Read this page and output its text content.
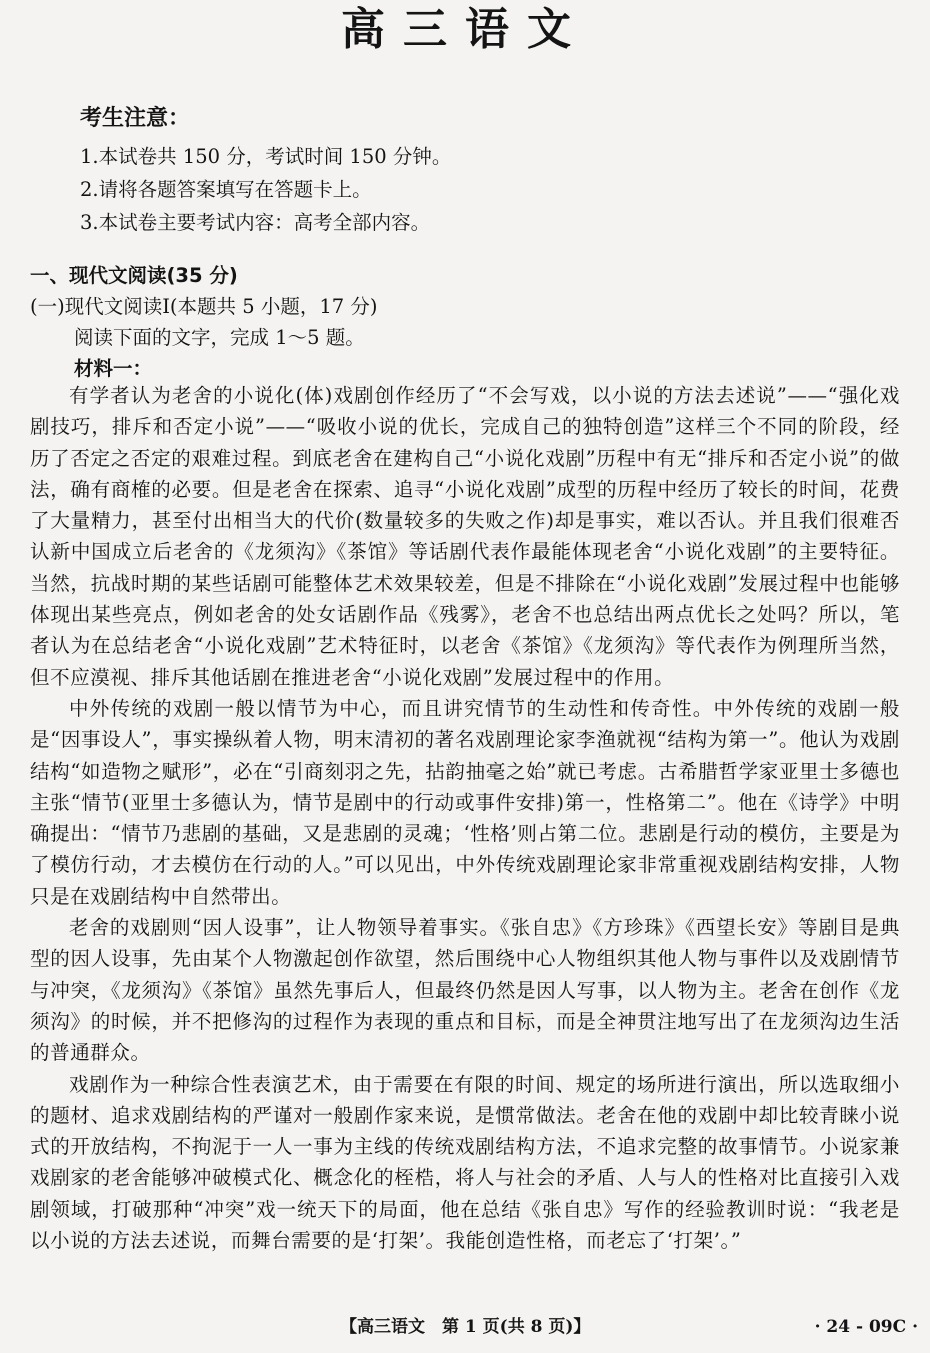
高三语文
考生注意：
1.本试卷共 150 分，考试时间 150 分钟。
2.请将各题答案填写在答题卡上。
3.本试卷主要考试内容：高考全部内容。
一、现代文阅读(35 分)
(一)现代文阅读Ⅰ(本题共 5 小题，17 分)
阅读下面的文字，完成 1～5 题。
材料一：

有学者认为老舍的小说化(体)戏剧创作经历了“不会写戏，以小说的方法去述说”——“强化戏剧技巧，排斥和否定小说”——“吸收小说的优长，完成自己的独特创造”这样三个不同的阶段，经历了否定之否定的艰难过程。到底老舍在建构自己“小说化戏剧”历程中有无“排斥和否定小说”的做法，确有商榷的必要。但是老舍在探索、追寻“小说化戏剧”成型的历程中经历了较长的时间，花费了大量精力，甚至付出相当大的代价(数量较多的失败之作)却是事实，难以否认。并且我们很难否认新中国成立后老舍的《龙须沟》《茶馆》等话剧代表作最能体现老舍“小说化戏剧”的主要特征。当然，抗战时期的某些话剧可能整体艺术效果较差，但是不排除在“小说化戏剧”发展过程中也能够体现出某些亮点，例如老舍的处女话剧作品《残雾》，老舍不也总结出两点优长之处吗？所以，笔者认为在总结老舍“小说化戏剧”艺术特征时，以老舍《茶馆》《龙须沟》等代表作为例理所当然，但不应漠视、排斥其他话剧在推进老舍“小说化戏剧”发展过程中的作用。

中外传统的戏剧一般以情节为中心，而且讲究情节的生动性和传奇性。中外传统的戏剧一般是“因事设人”，事实操纵着人物，明末清初的著名戏剧理论家李渔就视“结构为第一”。他认为戏剧结构“如造物之赋形”，必在“引商刻羽之先，拈韵抽毫之始”就已考虑。古希腊哲学家亚里士多德也主张“情节(亚里士多德认为，情节是剧中的行动或事件安排)第一，性格第二”。他在《诗学》中明确提出：“情节乃悲剧的基础，又是悲剧的灵魂；‘性格’则占第二位。悲剧是行动的模仿，主要是为了模仿行动，才去模仿在行动的人。”可以见出，中外传统戏剧理论家非常重视戏剧结构安排，人物只是在戏剧结构中自然带出。

老舍的戏剧则“因人设事”，让人物领导着事实。《张自忠》《方珍珠》《西望长安》等剧目是典型的因人设事，先由某个人物激起创作欲望，然后围绕中心人物组织其他人物与事件以及戏剧情节与冲突，《龙须沟》《茶馆》虽然先事后人，但最终仍然是因人写事，以人物为主。老舍在创作《龙须沟》的时候，并不把修沟的过程作为表现的重点和目标，而是全神贯注地写出了在龙须沟边生活的普通群众。

戏剧作为一种综合性表演艺术，由于需要在有限的时间、规定的场所进行演出，所以选取细小的题材、追求戏剧结构的严谨对一般剧作家来说，是惯常做法。老舍在他的戏剧中却比较青睐小说式的开放结构，不拘泥于一人一事为主线的传统戏剧结构方法，不追求完整的故事情节。小说家兼戏剧家的老舍能够冲破模式化、概念化的桎梏，将人与社会的矛盾、人与人的性格对比直接引入戏剧领域，打破那种“冲突”戏一统天下的局面，他在总结《张自忠》写作的经验教训时说：“我老是以小说的方法去述说，而舞台需要的是‘打架’。我能创造性格，而老忘了‘打架’。”

【高三语文　第 1 页(共 8 页)】	· 24 - 09C ·
